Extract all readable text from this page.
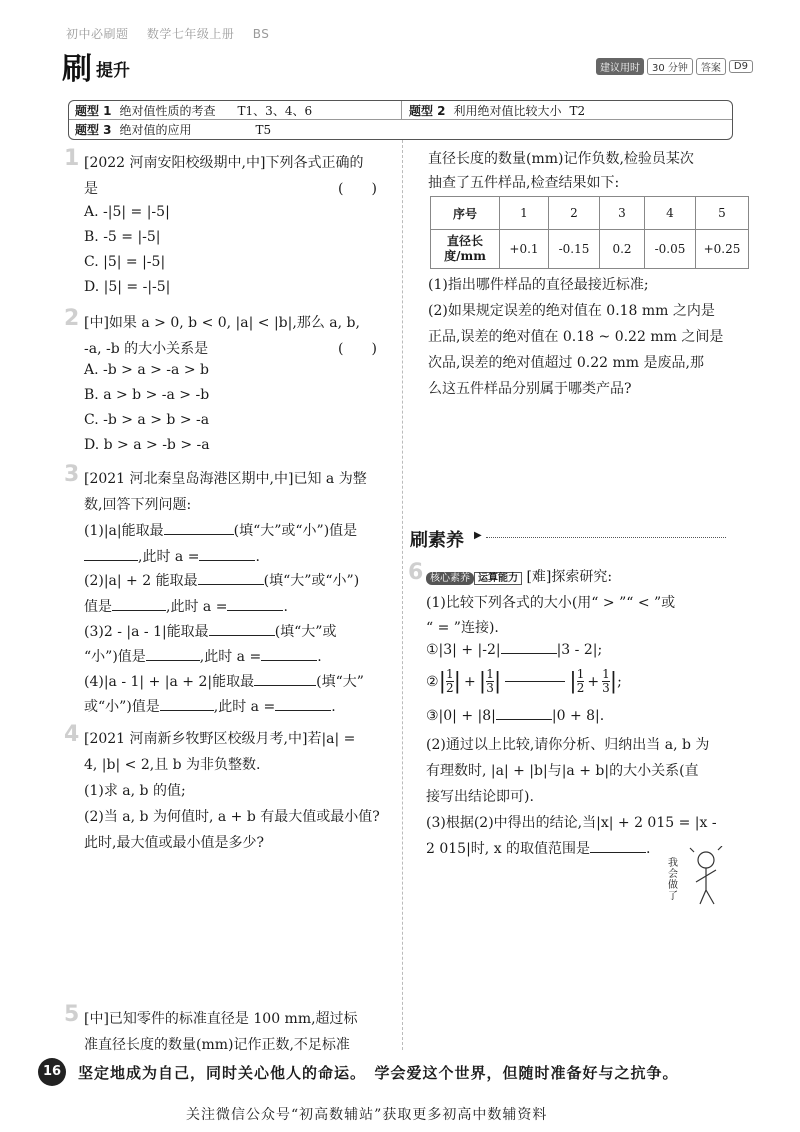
初中必刷题 数学七年级上册 BS
刷 提升	建议用时	30 分钟	答案	D9
题型 1 绝对值性质的考查 T1、3、4、6	题型 2 利用绝对值比较大小 T2
题型 3 绝对值的应用	T5
1 [2022 河南安阳校级期中,中]下列各式正确的
是	(　　)
A. -|5| = |-5|
B. -5 = |-5|
C. |5| = |-5|
D. |5| = -|-5|
2 [中]如果 a > 0, b < 0, |a| < |b|,那么 a, b,
-a, -b 的大小关系是	(　　)
A. -b > a > -a > b
B. a > b > -a > -b
C. -b > a > b > -a
D. b > a > -b > -a
3 [2021 河北秦皇岛海港区期中,中]已知 a 为整
数,回答下列问题:
(1)|a|能取最	(填“大”或“小”)值是
,此时 a =	.
(2)|a| + 2 能取最	(填“大”或“小”)
值是	,此时 a =	.
(3)2 - |a - 1|能取最	(填“大”或
“小”)值是	,此时 a =	.
(4)|a - 1| + |a + 2|能取最	(填“大”
或“小”)值是	,此时 a =	.
4 [2021 河南新乡牧野区校级月考,中]若|a| =
4, |b| < 2,且 b 为非负整数.
(1)求 a, b 的值;
(2)当 a, b 为何值时, a + b 有最大值或最小值?
此时,最大值或最小值是多少?
5 [中]已知零件的标准直径是 100 mm,超过标
准直径长度的数量(mm)记作正数,不足标准
直径长度的数量(mm)记作负数,检验员某次
抽查了五件样品,检查结果如下:
序号	1	2	3	4	5
直径长
度/mm	+0.1	-0.15	0.2	-0.05	+0.25
(1)指出哪件样品的直径最接近标准;
(2)如果规定误差的绝对值在 0.18 mm 之内是
正品,误差的绝对值在 0.18 ~ 0.22 mm 之间是
次品,误差的绝对值超过 0.22 mm 是废品,那
么这五件样品分别属于哪类产品?
刷素养 ▶
6 核心素养 运算能力 [难]探索研究:
(1)比较下列各式的大小(用“ > ”“ < ”或
“ = ”连接).
①|3| + |-2|	|3 - 2|;
② | $\frac{1}{2}$ | + | $\frac{1}{3}$ |	| $\frac{1}{2} + \frac{1}{3}$ | ;
③|0| + |8|	|0 + 8|.
(2)通过以上比较,请你分析、归纳出当 a, b 为
有理数时, |a| + |b|与|a + b|的大小关系(直
接写出结论即可).
(3)根据(2)中得出的结论,当|x| + 2 015 = |x -
2 015|时, x 的取值范围是	.
我会做了
16	坚定地成为自己，同时关心他人的命运。　学会爱这个世界，但随时准备好与之抗争。
关注微信公众号“初高数辅站”获取更多初高中数辅资料
